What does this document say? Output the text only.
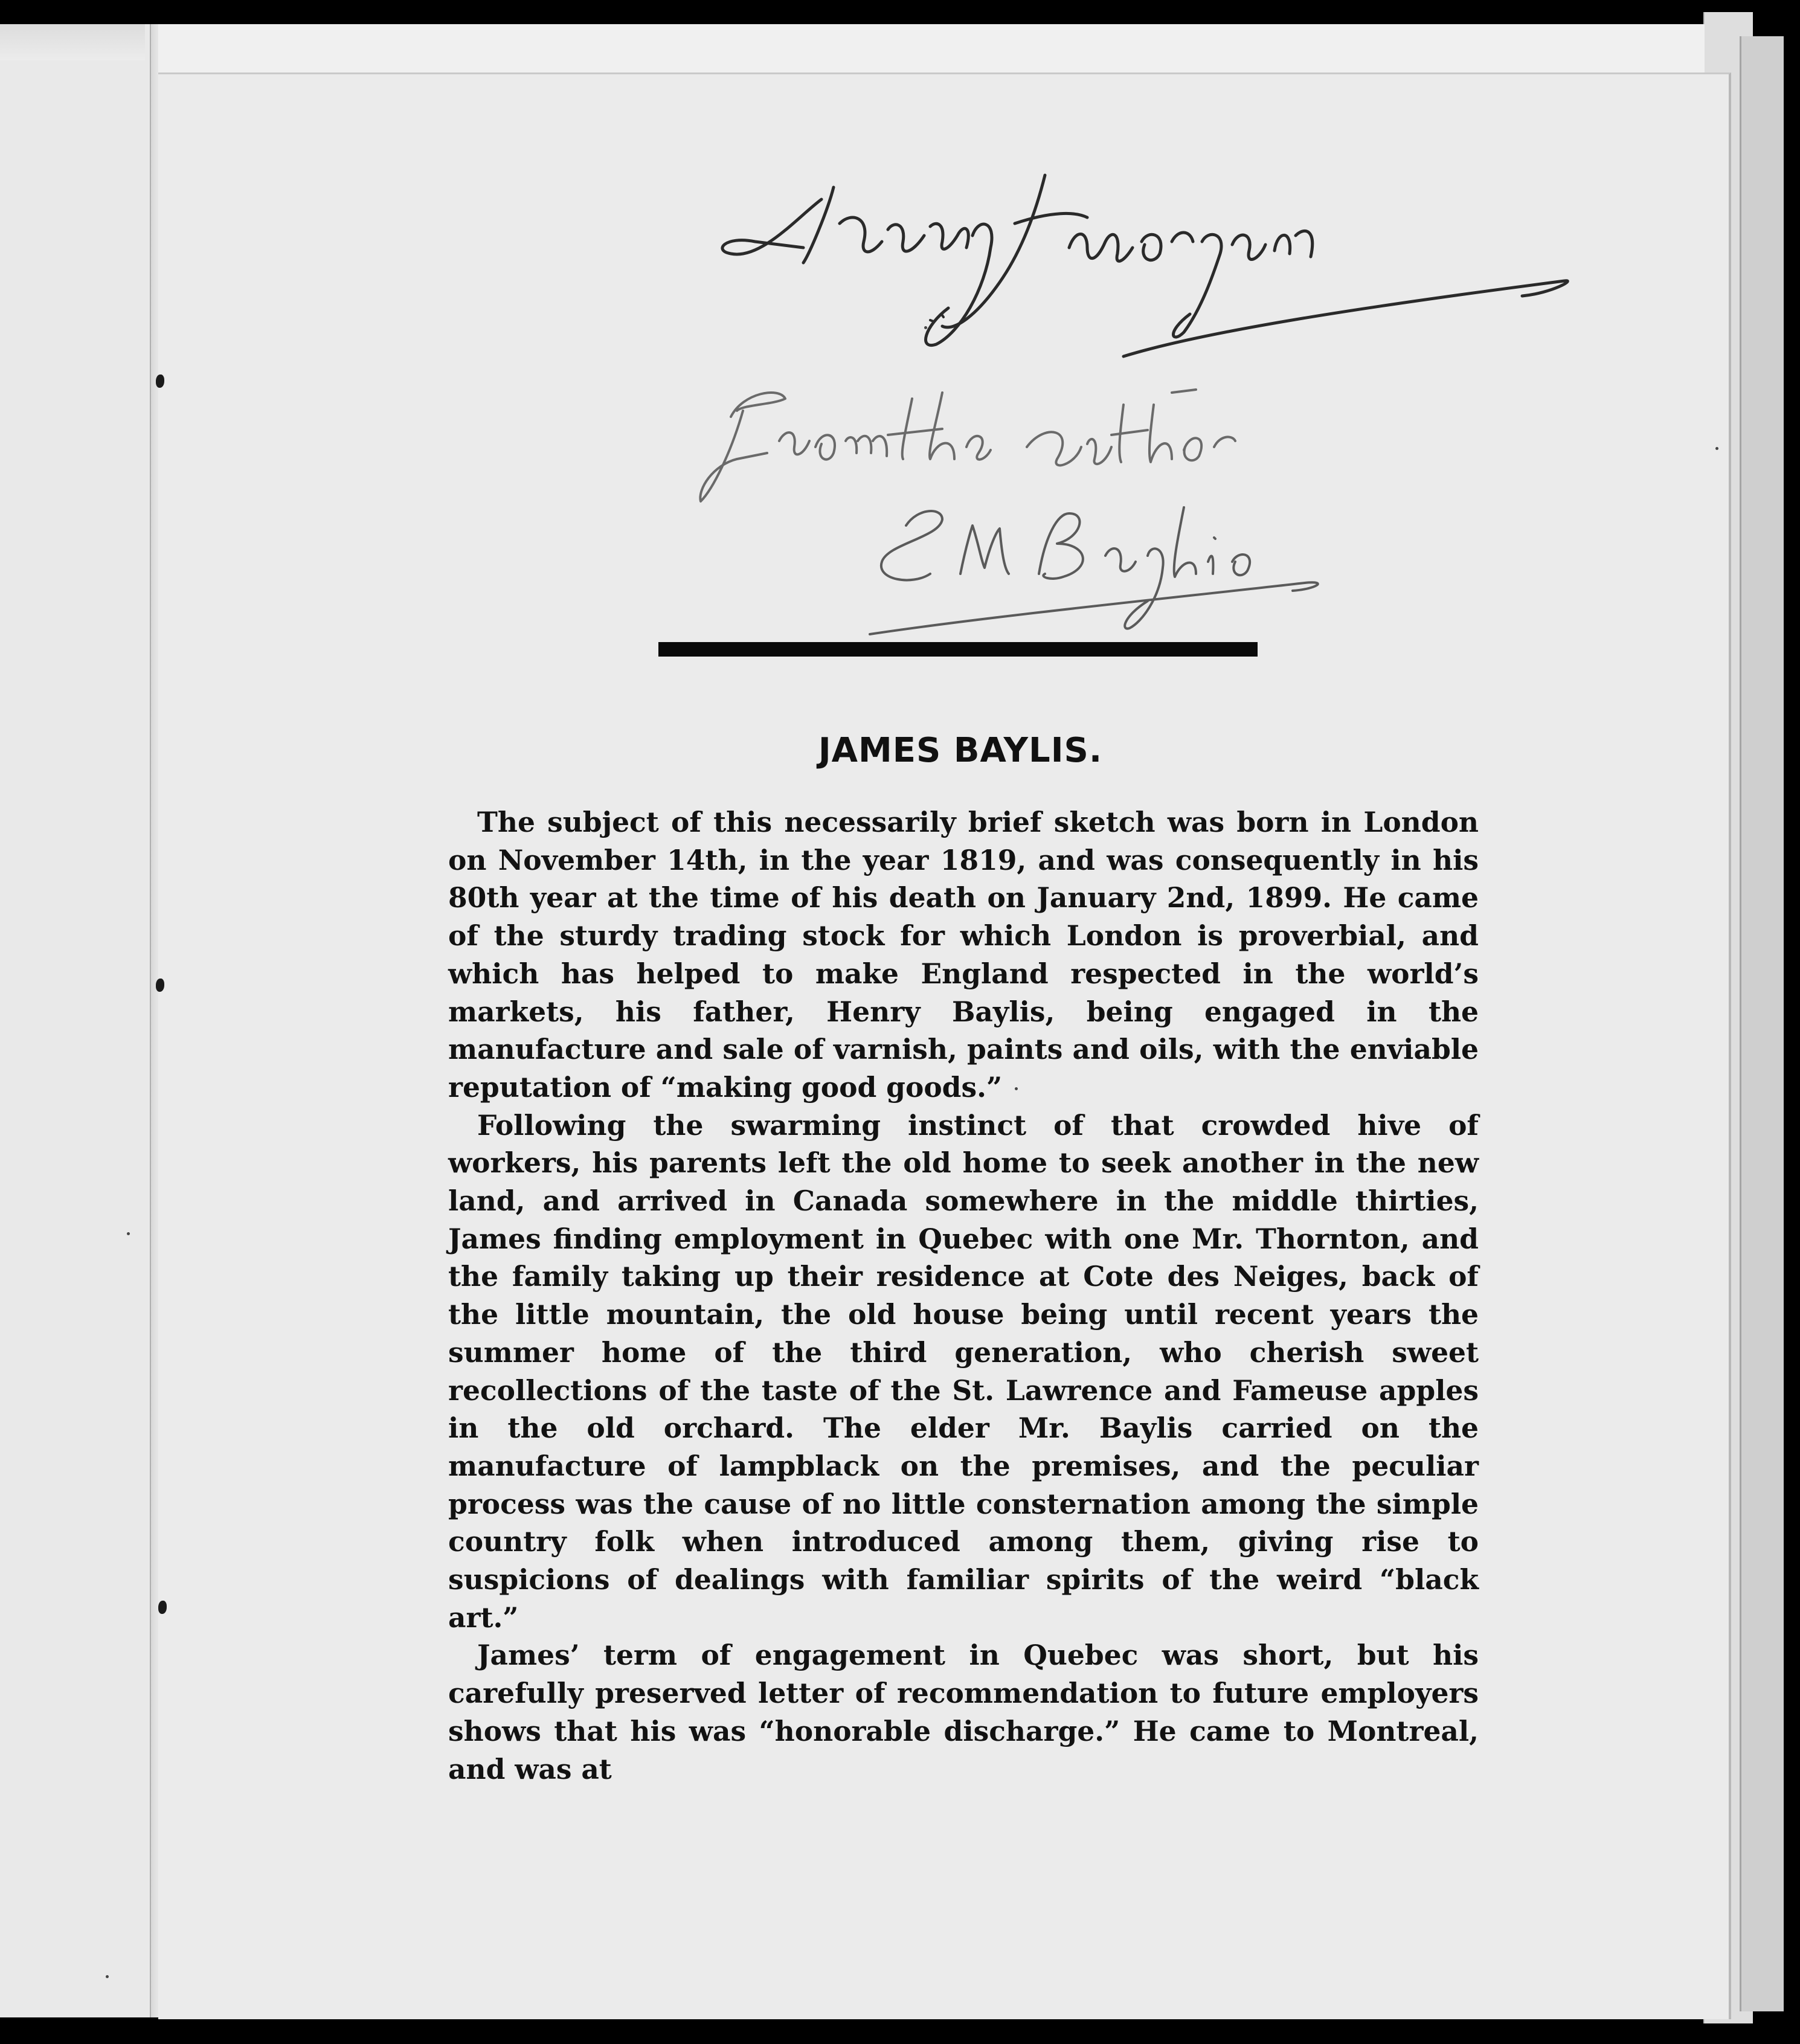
JAMES BAYLIS.

The subject of this necessarily brief sketch was born in London on November 14th, in the year 1819, and was consequently in his 80th year at the time of his death on January 2nd, 1899. He came of the sturdy trading stock for which London is proverbial, and which has helped to make England respected in the world’s markets, his father, Henry Baylis, being engaged in the manufacture and sale of varnish, paints and oils, with the enviable reputation of “making good goods.”

Following the swarming instinct of that crowded hive of workers, his parents left the old home to seek another in the new land, and arrived in Canada somewhere in the middle thirties, James finding employment in Quebec with one Mr. Thornton, and the family taking up their residence at Cote des Neiges, back of the little mountain, the old house being until recent years the summer home of the third generation, who cherish sweet recollections of the taste of the St. Lawrence and Fameuse apples in the old orchard. The elder Mr. Baylis carried on the manufacture of lampblack on the premises, and the peculiar process was the cause of no little consternation among the simple country folk when introduced among them, giving rise to suspicions of dealings with familiar spirits of the weird “black art.”

James’ term of engagement in Quebec was short, but his carefully preserved letter of recommendation to future employers shows that his was “honorable discharge.” He came to Montreal, and was at
